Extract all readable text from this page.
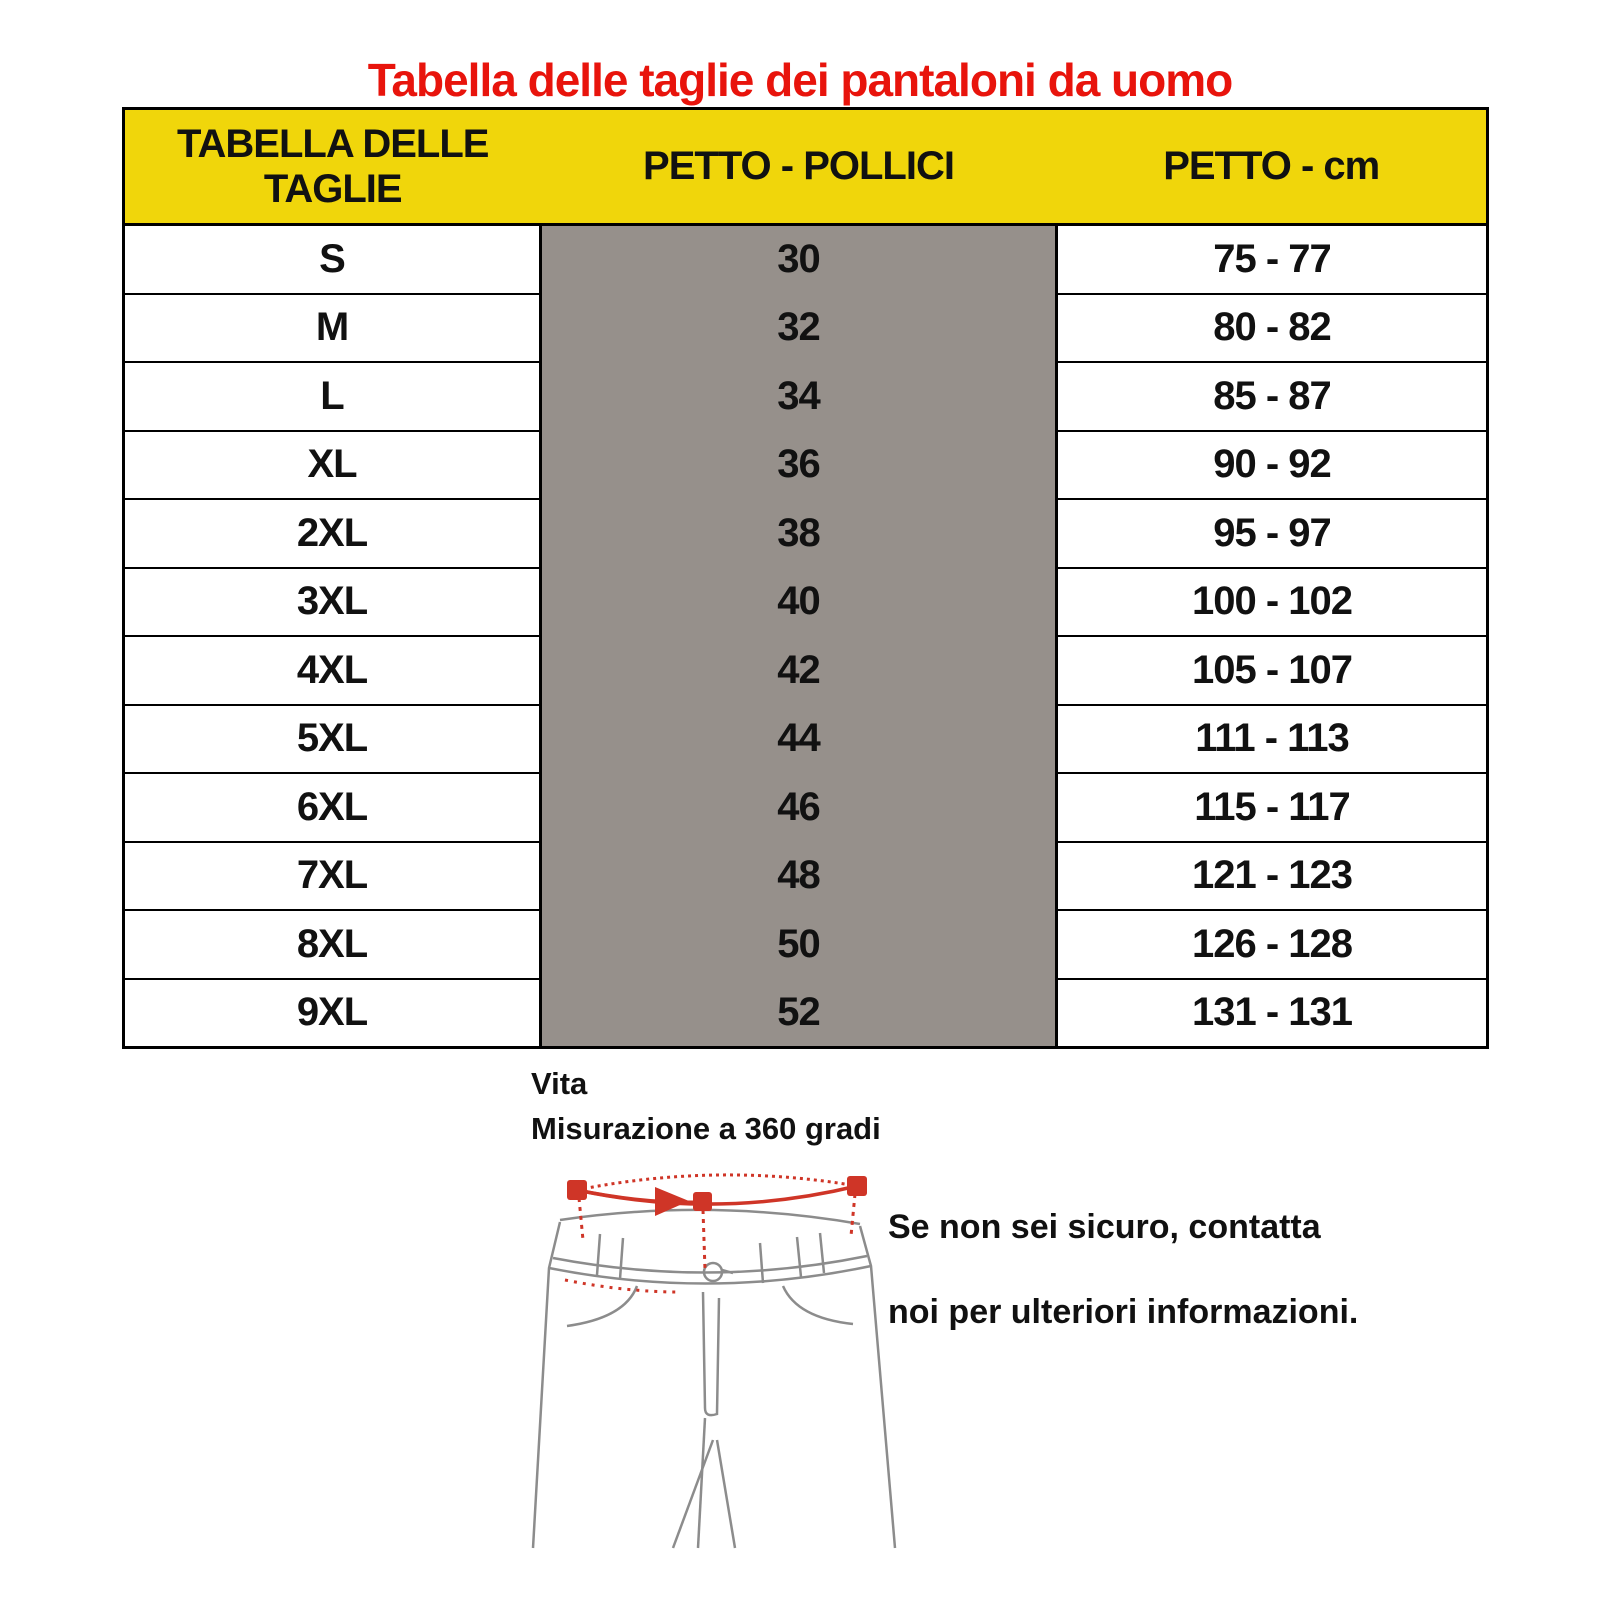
Tabella delle taglie dei pantaloni da uomo
TABELLA DELLE TAGLIE	PETTO - POLLICI	PETTO - cm
S	30	75 - 77
M	32	80 - 82
L	34	85 - 87
XL	36	90 - 92
2XL	38	95 - 97
3XL	40	100 - 102
4XL	42	105 - 107
5XL	44	111 - 113
6XL	46	115 - 117
7XL	48	121 - 123
8XL	50	126 - 128
9XL	52	131 - 131
Vita
Misurazione a 360 gradi
Se non sei sicuro, contatta
noi per ulteriori informazioni.
